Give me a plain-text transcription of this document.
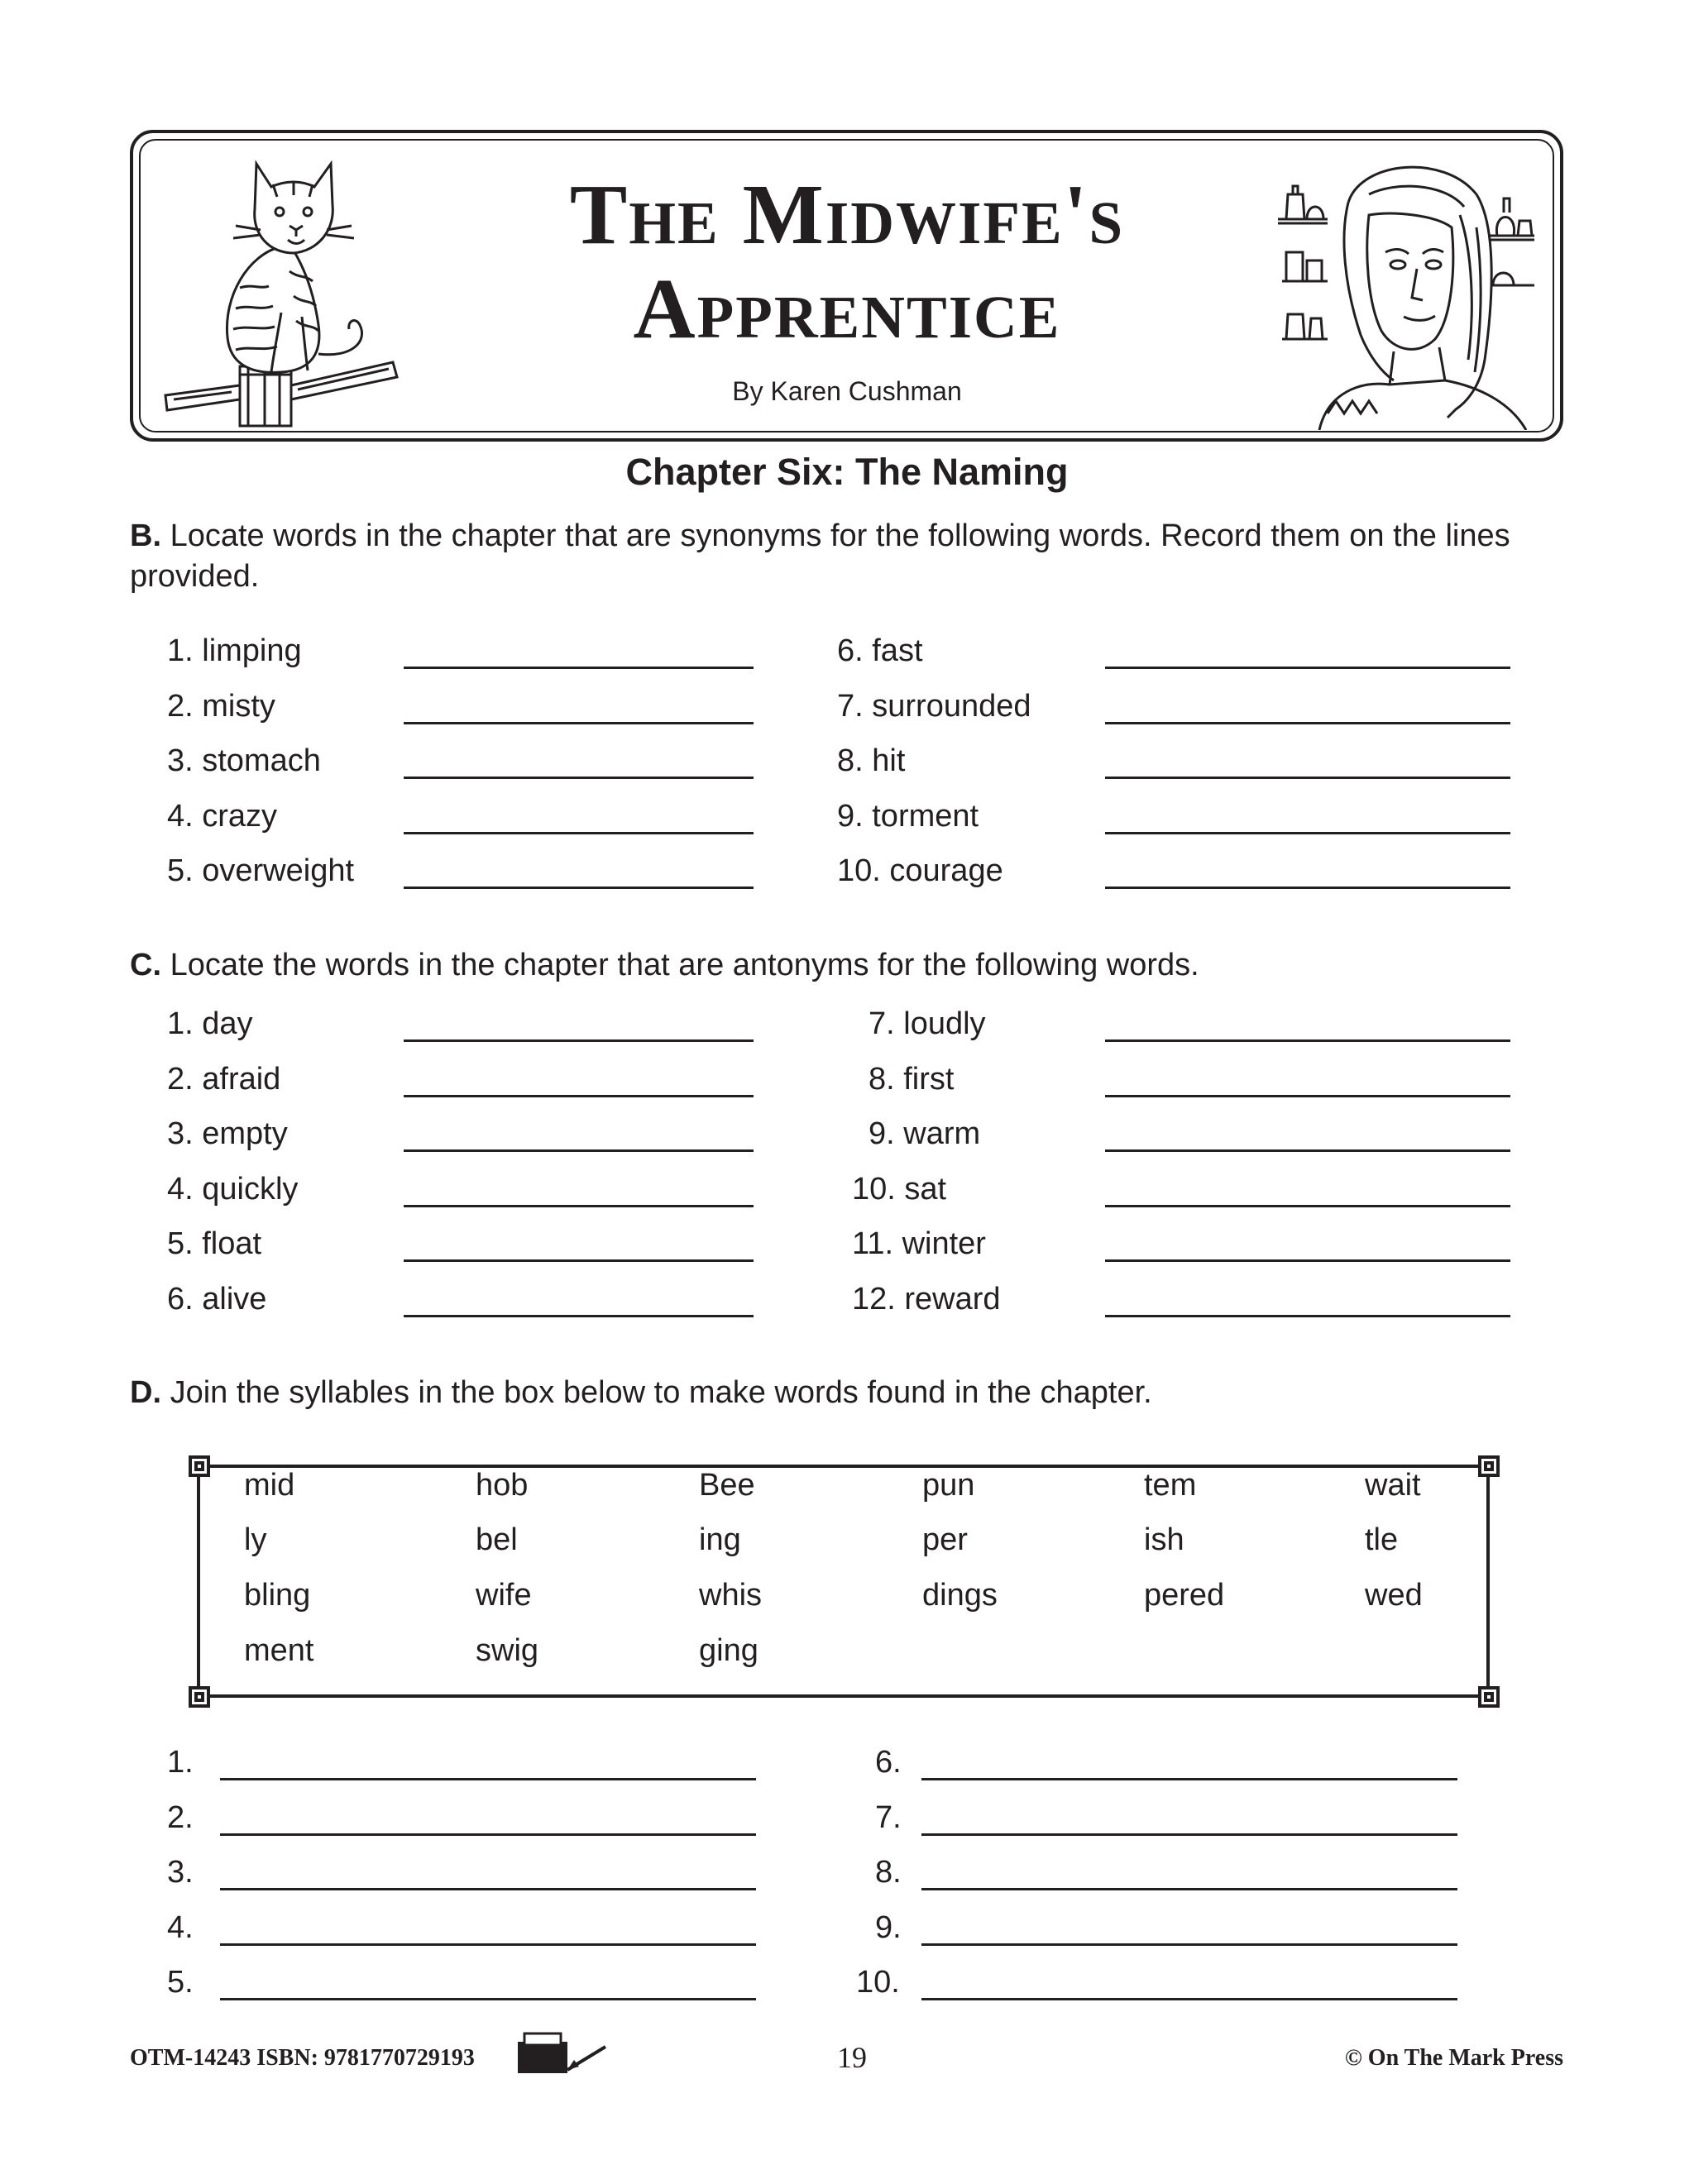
The Midwife's
Apprentice
By Karen Cushman
Chapter Six: The Naming
B. Locate words in the chapter that are synonyms for the following words. Record them on the lines provided.
1. limping
2. misty
3. stomach
4. crazy
5. overweight
6. fast
7. surrounded
8. hit
9. torment
10. courage
C. Locate the words in the chapter that are antonyms for the following words.
1. day
2. afraid
3. empty
4. quickly
5. float
6. alive
7. loudly
8. first
9. warm
10. sat
11. winter
12. reward
D. Join the syllables in the box below to make words found in the chapter.
mid	hob	Bee	pun	tem	wait
ly	bel	ing	per	ish	tle
bling	wife	whis	dings	pered	wed
ment	swig	ging
1.
2.
3.
4.
5.
6.
7.
8.
9.
10.
OTM-14243 ISBN: 9781770729193	19	© On The Mark Press
